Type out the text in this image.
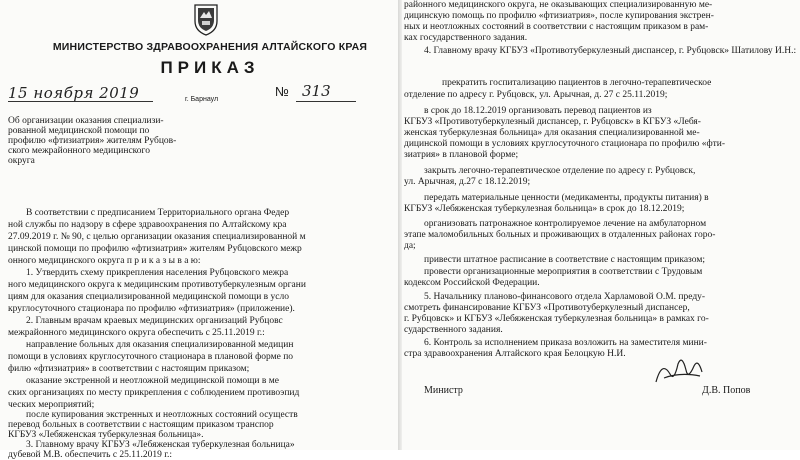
МИНИСТЕРСТВО ЗДРАВООХРАНЕНИЯ АЛТАЙСКОГО КРАЯ
ПРИКАЗ
15 ноября 2019	г. Барнаул
№ 313
Об организации оказания специализи-
рованной медицинской помощи по
профилю «фтизиатрия» жителям Рубцов-
ского межрайонного медицинского
округа
В соответствии с предписанием Территориального органа Федер
ной службы по надзору в сфере здравоохранения по Алтайскому кра
27.09.2019 г. № 90, с целью организации оказания специализированной м
цинской помощи по профилю «фтизиатрия» жителям Рубцовского межр
онного медицинского округа п р и к а з ы в а ю:
1. Утвердить схему прикрепления населения Рубцовского межра
ного медицинского округа к медицинским противотуберкулезным органи
циям для оказания специализированной медицинской помощи в усло
круглосуточного стационара по профилю «фтизиатрия» (приложение).
2. Главным врачам краевых медицинских организаций Рубцовс
межрайонного медицинского округа обеспечить с 25.11.2019 г.:
направление больных для оказания специализированной медицин
помощи в условиях круглосуточного стационара в плановой форме по
филю «фтизиатрия» в соответствии с настоящим приказом;
оказание экстренной и неотложной медицинской помощи в ме
ских организациях по месту прикрепления с соблюдением противоэпид
ческих мероприятий;
после купирования экстренных и неотложных состояний осуществ
перевод больных в соответствии с настоящим приказом транспор
КГБУЗ «Лебяженская туберкулезная больница».
3. Главному врачу КГБУЗ «Лебяженская туберкулезная больница»
дубевой М.В. обеспечить с 25.11.2019 г.:
районного медицинского округа, не оказывающих специализированную ме-
дицинскую помощь по профилю «фтизиатрия», после купирования экстрен-
ных и неотложных состояний в соответствии с настоящим приказом в рам-
ках государственного задания.
4. Главному врачу КГБУЗ «Противотуберкулезный диспансер, г. Рубцовск» Шатилову И.Н.:
прекратить госпитализацию пациентов в легочно-терапевтическое
отделение по адресу г. Рубцовск, ул. Арычная, д. 27 с 25.11.2019;
в срок до 18.12.2019 организовать перевод пациентов из
КГБУЗ «Противотуберкулезный диспансер, г. Рубцовск» в КГБУЗ «Лебя-
женская туберкулезная больница» для оказания специализированной ме-
дицинской помощи в условиях круглосуточного стационара по профилю «фти-
зиатрия» в плановой форме;
закрыть легочно-терапевтическое отделение по адресу г. Рубцовск,
ул. Арычная, д.27 с 18.12.2019;
передать материальные ценности (медикаменты, продукты питания) в
КГБУЗ «Лебяженская туберкулезная больница» в срок до 18.12.2019;
организовать патронажное контролируемое лечение на амбулаторном
этапе маломобильных больных и проживающих в отдаленных районах горо-
да;
привести штатное расписание в соответствие с настоящим приказом;
провести организационные мероприятия в соответствии с Трудовым
кодексом Российской Федерации.
5. Начальнику планово-финансового отдела Харламовой О.М. преду-
смотреть финансирование КГБУЗ «Противотуберкулезный диспансер,
г. Рубцовск» и КГБУЗ «Лебяженская туберкулезная больница» в рамках го-
сударственного задания.
6. Контроль за исполнением приказа возложить на заместителя мини-
стра здравоохранения Алтайского края Белоцкую Н.И.
Министр	Д.В. Попов
